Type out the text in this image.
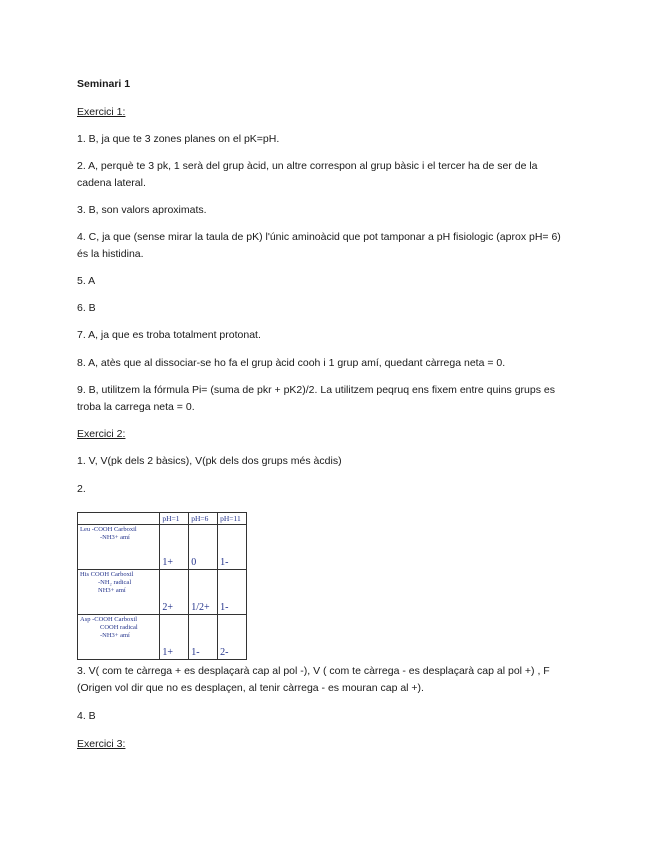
Seminari 1

Exercici 1:

1. B, ja que te 3 zones planes on el pK=pH.

2. A, perquè te 3 pk, 1 serà del grup àcid, un altre correspon al grup bàsic i el tercer ha de ser de la cadena lateral.

3. B, son valors aproximats.

4. C, ja que (sense mirar la taula de pK) l'únic aminoàcid que pot tamponar a pH fisiologic (aprox pH= 6) és la histidina.

5. A

6. B

7. A, ja que es troba totalment protonat.

8. A, atès que al dissociar-se ho fa el grup àcid cooh i 1 grup amí, quedant càrrega neta = 0.

9. B, utilitzem la fórmula Pi= (suma de pkr + pK2)/2. La utilitzem peqruq ens fixem entre quins grups es troba la carrega neta = 0.

Exercici 2:

1. V, V(pk dels 2 bàsics), V(pk dels dos grups més àcdis)

2.

	pH=1	pH=6	pH=11

Leu -COOH Carboxil
-NH3+ amí	1+	0	1-

His COOH Carboxil
-NH₂ radical
NH3+ amí	2+	1/2+	1-

Asp -COOH Carboxil
COOH radical
-NH3+ amí	1+	1-	2-

3. V( com te càrrega + es desplaçarà cap al pol -), V ( com te càrrega - es desplaçarà cap al pol +) , F (Origen vol dir que no es desplaçen, al tenir càrrega - es mouran cap al +).

4. B

Exercici 3:
